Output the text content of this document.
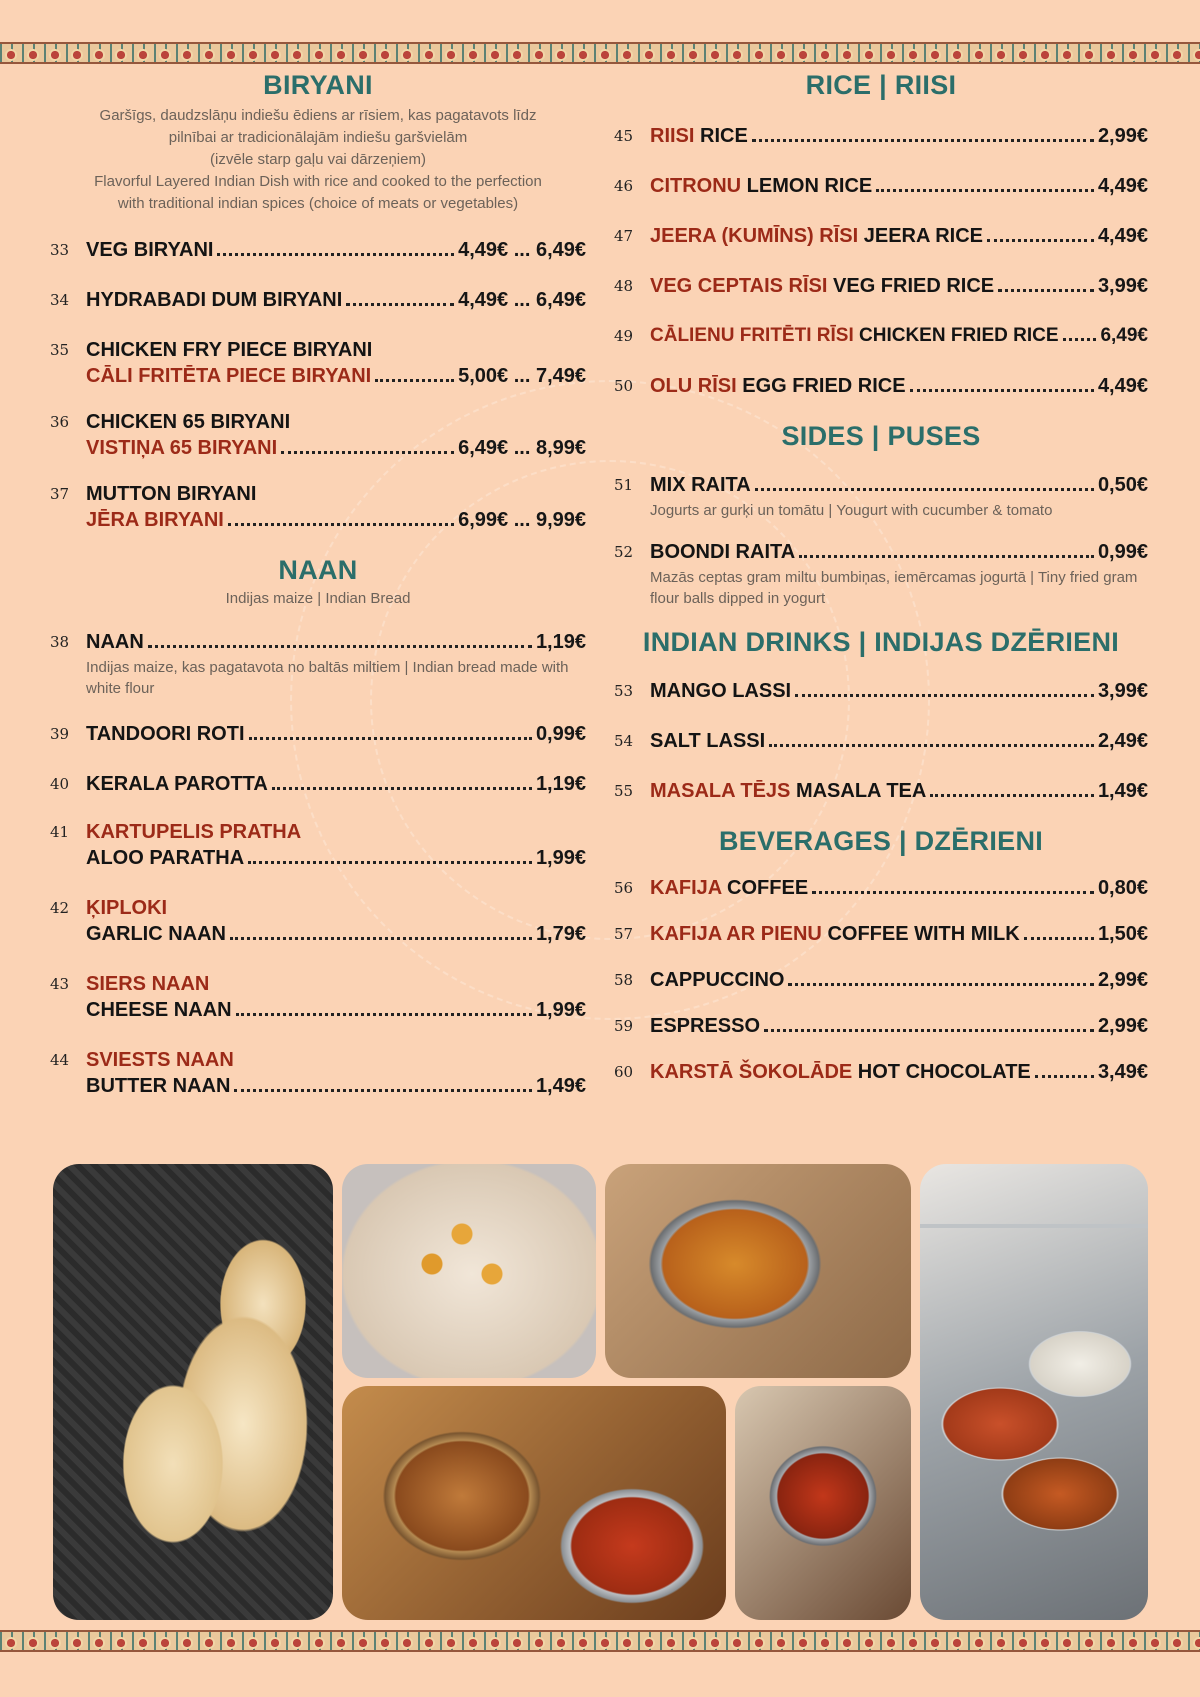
BIRYANI
Garšīgs, daudzslāņu indiešu ēdiens ar rīsiem, kas pagatavots līdz
pilnībai ar tradicionālajām indiešu garšvielām
(izvēle starp gaļu vai dārzeņiem)
Flavorful Layered Indian Dish with rice and cooked to the perfection
with traditional indian spices (choice of meats or vegetables)
33 VEG BIRYANI	4,49€ ... 6,49€
34 HYDRABADI DUM BIRYANI	4,49€ ... 6,49€
35 CHICKEN FRY PIECE BIRYANI
CĀLI FRITĒTA PIECE BIRYANI	5,00€ ... 7,49€
36 CHICKEN 65 BIRYANI
VISTIŅA 65 BIRYANI	6,49€ ... 8,99€
37 MUTTON BIRYANI
JĒRA BIRYANI	6,99€ ... 9,99€
NAAN
Indijas maize | Indian Bread
38 NAAN	1,19€
Indijas maize, kas pagatavota no baltās miltiem | Indian bread made with white flour
39 TANDOORI ROTI	0,99€
40 KERALA PAROTTA	1,19€
41 KARTUPELIS PRATHA
ALOO PARATHA	1,99€
42 ĶIPLOKI
GARLIC NAAN	1,79€
43 SIERS NAAN
CHEESE NAAN	1,99€
44 SVIESTS NAAN
BUTTER NAAN	1,49€
RICE | RIISI
45 RIISI RICE	2,99€
46 CITRONU LEMON RICE	4,49€
47 JEERA (KUMĪNS) RĪSI JEERA RICE	4,49€
48 VEG CEPTAIS RĪSI VEG FRIED RICE	3,99€
49 CĀLIENU FRITĒTI RĪSI CHICKEN FRIED RICE 6,49€
50 OLU RĪSI EGG FRIED RICE	4,49€
SIDES | PUSES
51 MIX RAITA	0,50€
Jogurts ar gurķi un tomātu | Yougurt with cucumber & tomato
52 BOONDI RAITA	0,99€
Mazās ceptas gram miltu bumbiņas, iemērcamas jogurtā | Tiny fried gram flour balls dipped in yogurt
INDIAN DRINKS | INDIJAS DZĒRIENI
53 MANGO LASSI	3,99€
54 SALT LASSI	2,49€
55 MASALA TĒJS MASALA TEA	1,49€
BEVERAGES | DZĒRIENI
56 KAFIJA COFFEE	0,80€
57 KAFIJA AR PIENU COFFEE WITH MILK	1,50€
58 CAPPUCCINO	2,99€
59 ESPRESSO	2,99€
60 KARSTĀ ŠOKOLĀDE HOT CHOCOLATE	3,49€
